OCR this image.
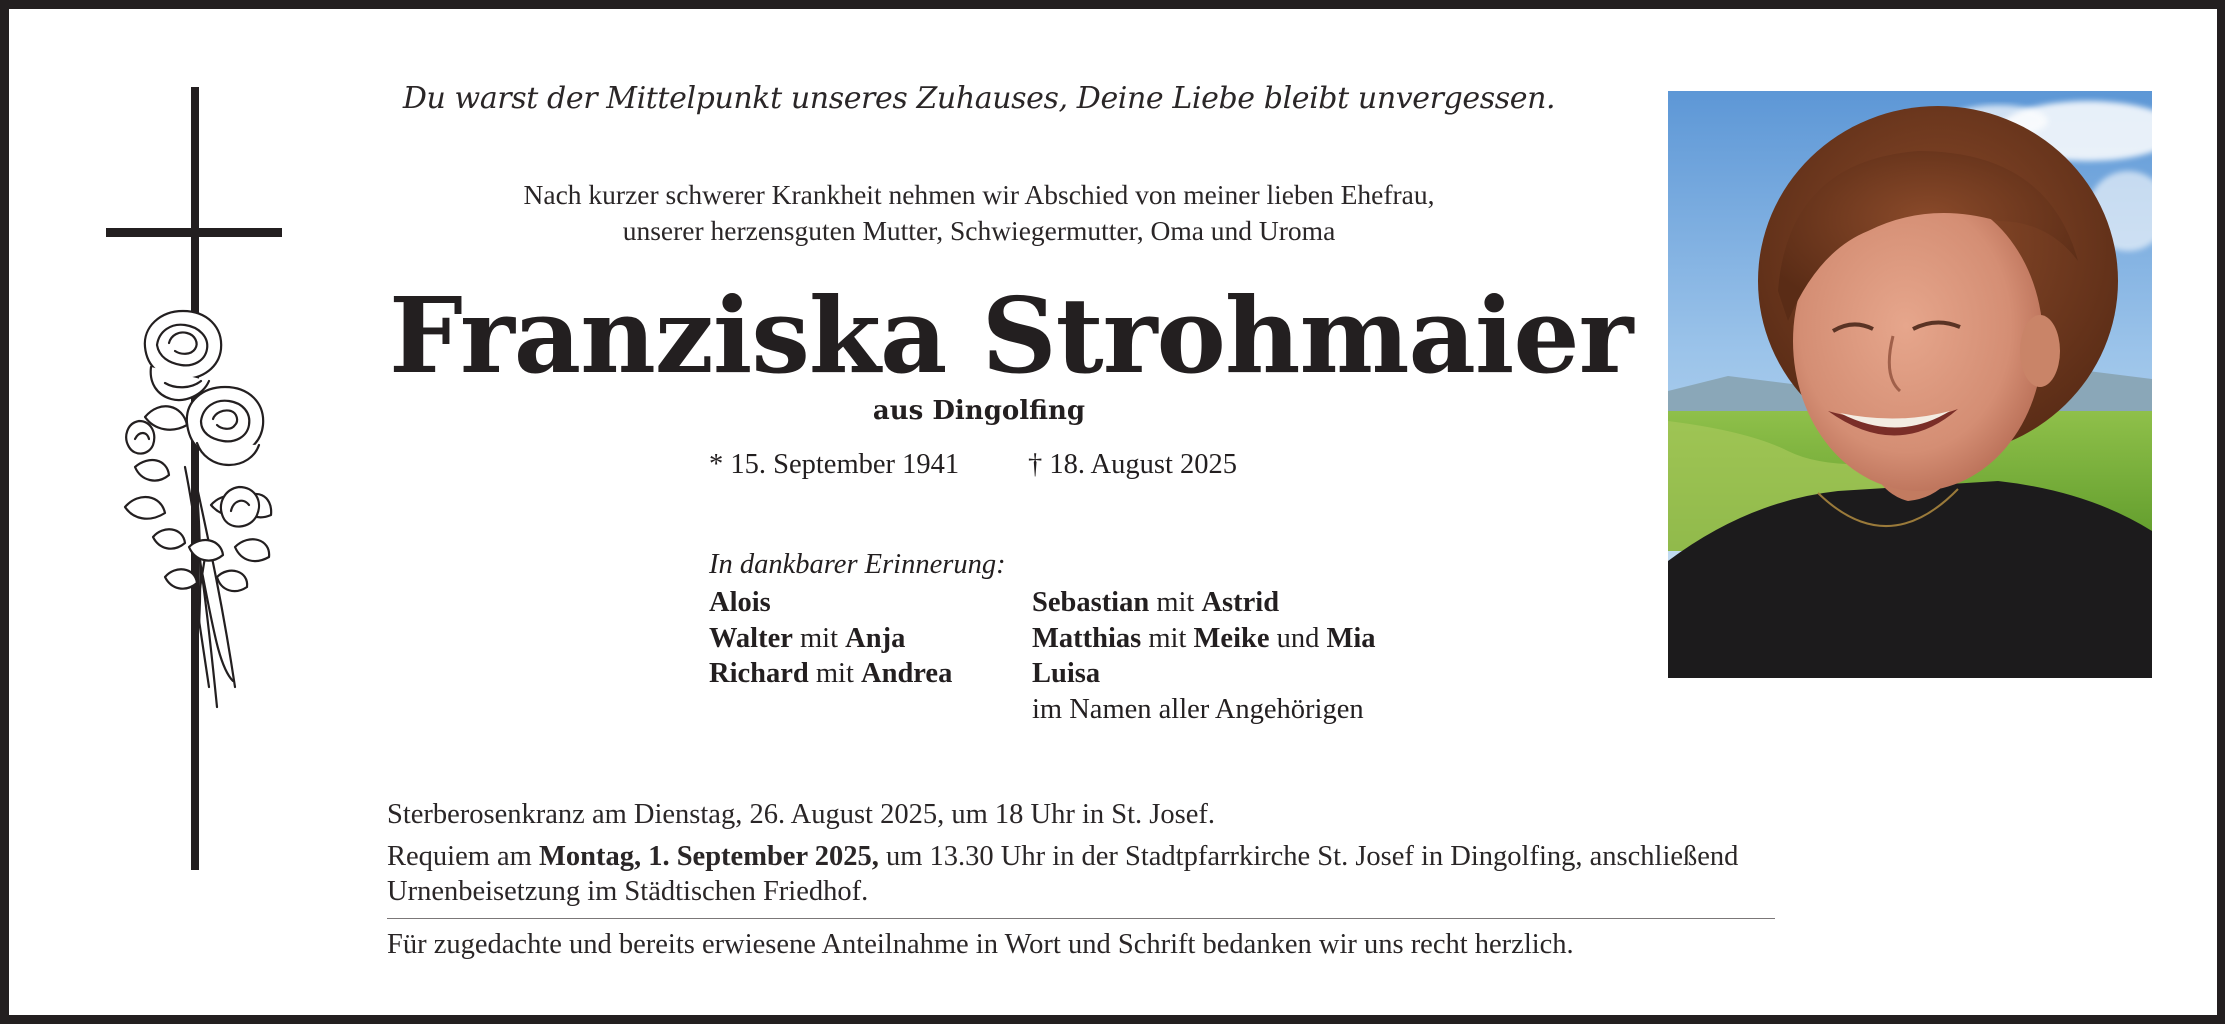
Du warst der Mittelpunkt unseres Zuhauses, Deine Liebe bleibt unvergessen.
Nach kurzer schwerer Krankheit nehmen wir Abschied von meiner lieben Ehefrau,
unserer herzensguten Mutter, Schwiegermutter, Oma und Uroma
Franziska Strohmaier
aus Dingolfing
* 15. September 1941 † 18. August 2025
In dankbarer Erinnerung:
Alois
Walter mit Anja
Richard mit Andrea
Sebastian mit Astrid
Matthias mit Meike und Mia
Luisa
im Namen aller Angehörigen
Sterberosenkranz am Dienstag, 26. August 2025, um 18 Uhr in St. Josef.
Requiem am Montag, 1. September 2025, um 13.30 Uhr in der Stadtpfarrkirche St. Josef in Dingolfing, anschließend Urnenbeisetzung im Städtischen Friedhof.
Für zugedachte und bereits erwiesene Anteilnahme in Wort und Schrift bedanken wir uns recht herzlich.
